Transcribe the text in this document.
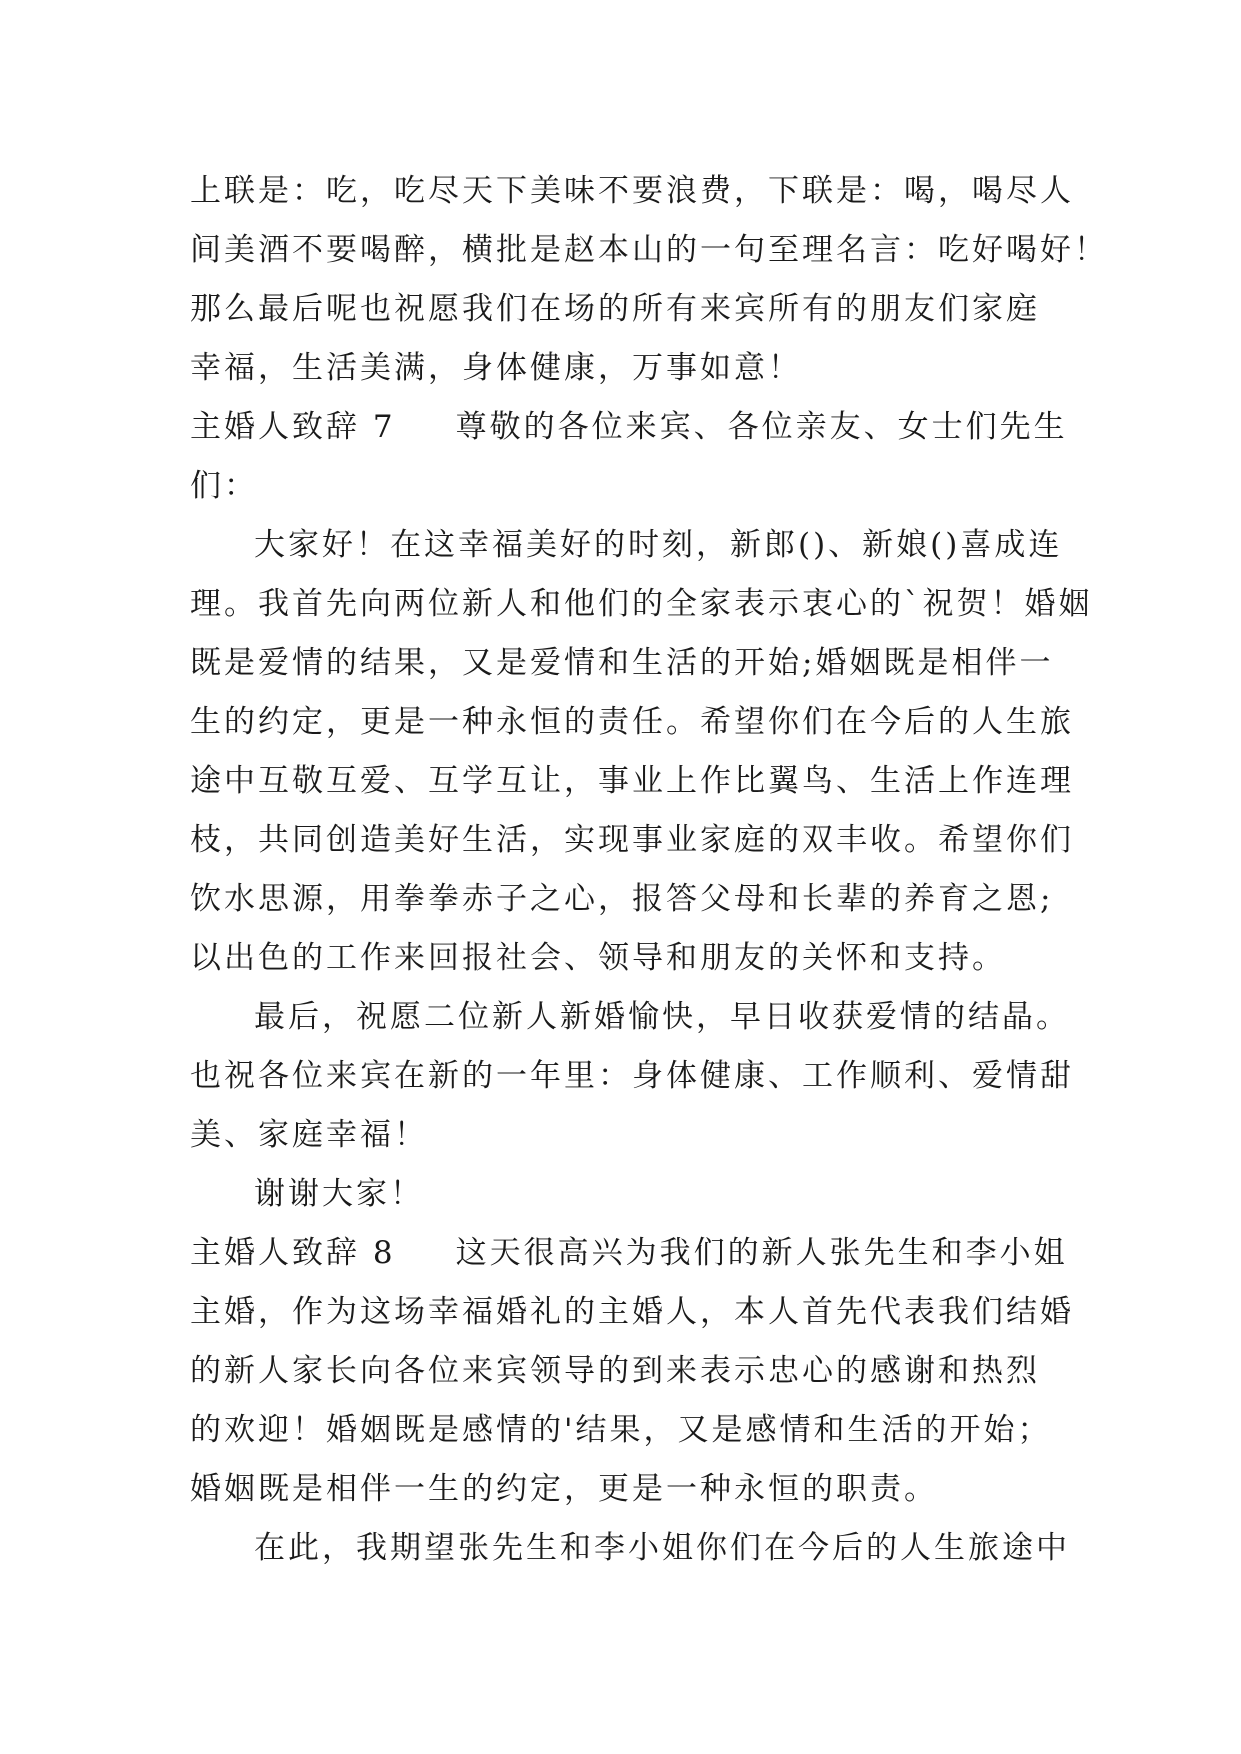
上联是：吃，吃尽天下美味不要浪费，下联是：喝，喝尽人
间美酒不要喝醉，横批是赵本山的一句至理名言：吃好喝好！
那么最后呢也祝愿我们在场的所有来宾所有的朋友们家庭
幸福，生活美满，身体健康，万事如意！
主婚人致辞 7 尊敬的各位来宾、各位亲友、女士们先生
们：
大家好！在这幸福美好的时刻，新郎()、新娘()喜成连
理。我首先向两位新人和他们的全家表示衷心的`祝贺！婚姻
既是爱情的结果，又是爱情和生活的开始;婚姻既是相伴一
生的约定，更是一种永恒的责任。希望你们在今后的人生旅
途中互敬互爱、互学互让，事业上作比翼鸟、生活上作连理
枝，共同创造美好生活，实现事业家庭的双丰收。希望你们
饮水思源，用拳拳赤子之心，报答父母和长辈的养育之恩;
以出色的工作来回报社会、领导和朋友的关怀和支持。
最后，祝愿二位新人新婚愉快，早日收获爱情的结晶。
也祝各位来宾在新的一年里：身体健康、工作顺利、爱情甜
美、家庭幸福！
谢谢大家！
主婚人致辞 8 这天很高兴为我们的新人张先生和李小姐
主婚，作为这场幸福婚礼的主婚人，本人首先代表我们结婚
的新人家长向各位来宾领导的到来表示忠心的感谢和热烈
的欢迎！婚姻既是感情的'结果，又是感情和生活的开始；
婚姻既是相伴一生的约定，更是一种永恒的职责。
在此，我期望张先生和李小姐你们在今后的人生旅途中
